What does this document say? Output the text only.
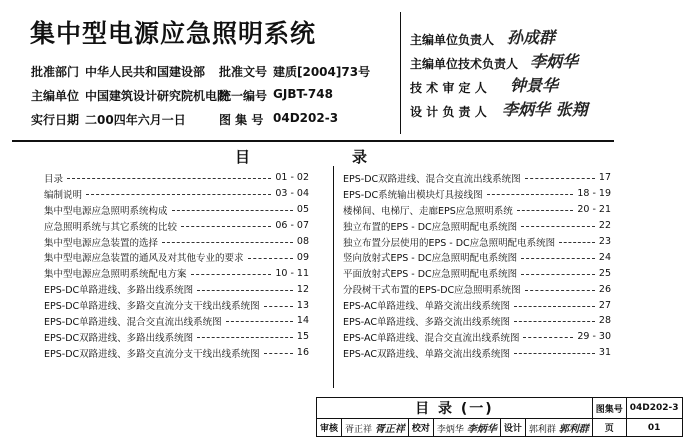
集中型电源应急照明系统
批准部门 中华人民共和国建设部 批准文号 建质[2004]73号
主编单位 中国建筑设计研究院机电院
统一编号 GJBT-748
实行日期 二00四年六月一日	图 集 号 04D202-3
主编单位负责人 孙成群
主编单位技术负责人 李炳华
技 术 审 定 人 钟景华
设 计 负 责 人 李炳华 张翔
目	录
目录	01 - 02
编制说明	03 - 04
集中型电源应急照明系统构成	05
应急照明系统与其它系统的比较	06 - 07
集中型电源应急装置的选择	08
集中型电源应急装置的通风及对其他专业的要求	09
集中型电源应急照明系统配电方案	10 - 11
EPS-DC单路进线、多路出线系统图	12
EPS-DC单路进线、多路交直流分支干线出线系统图	13
EPS-DC单路进线、混合交直流出线系统图	14
EPS-DC双路进线、多路出线系统图	15
EPS-DC双路进线、多路交直流分支干线出线系统图	16
EPS-DC双路进线、混合交直流出线系统图	17
EPS-DC系统输出模块灯具接线图	18 - 19
楼梯间、电梯厅、走廊EPS应急照明系统	20 - 21
独立布置的EPS - DC应急照明配电系统图	22
独立布置分层使用的EPS - DC应急照明配电系统图	23
竖向放射式EPS - DC应急照明配电系统图	24
平面放射式EPS - DC应急照明配电系统图	25
分段树干式布置的EPS-DC应急照明系统图	26
EPS-AC单路进线、单路交流出线系统图	27
EPS-AC单路进线、多路交流出线系统图	28
EPS-AC单路进线、混合交直流出线系统图	29 - 30
EPS-AC双路进线、单路交流出线系统图	31
目 录 (一)						图集号	04D202-3
审核	胥正祥 胥正祥	校对	李炳华 李炳华	设计	郭利群 郭利群	页	01
